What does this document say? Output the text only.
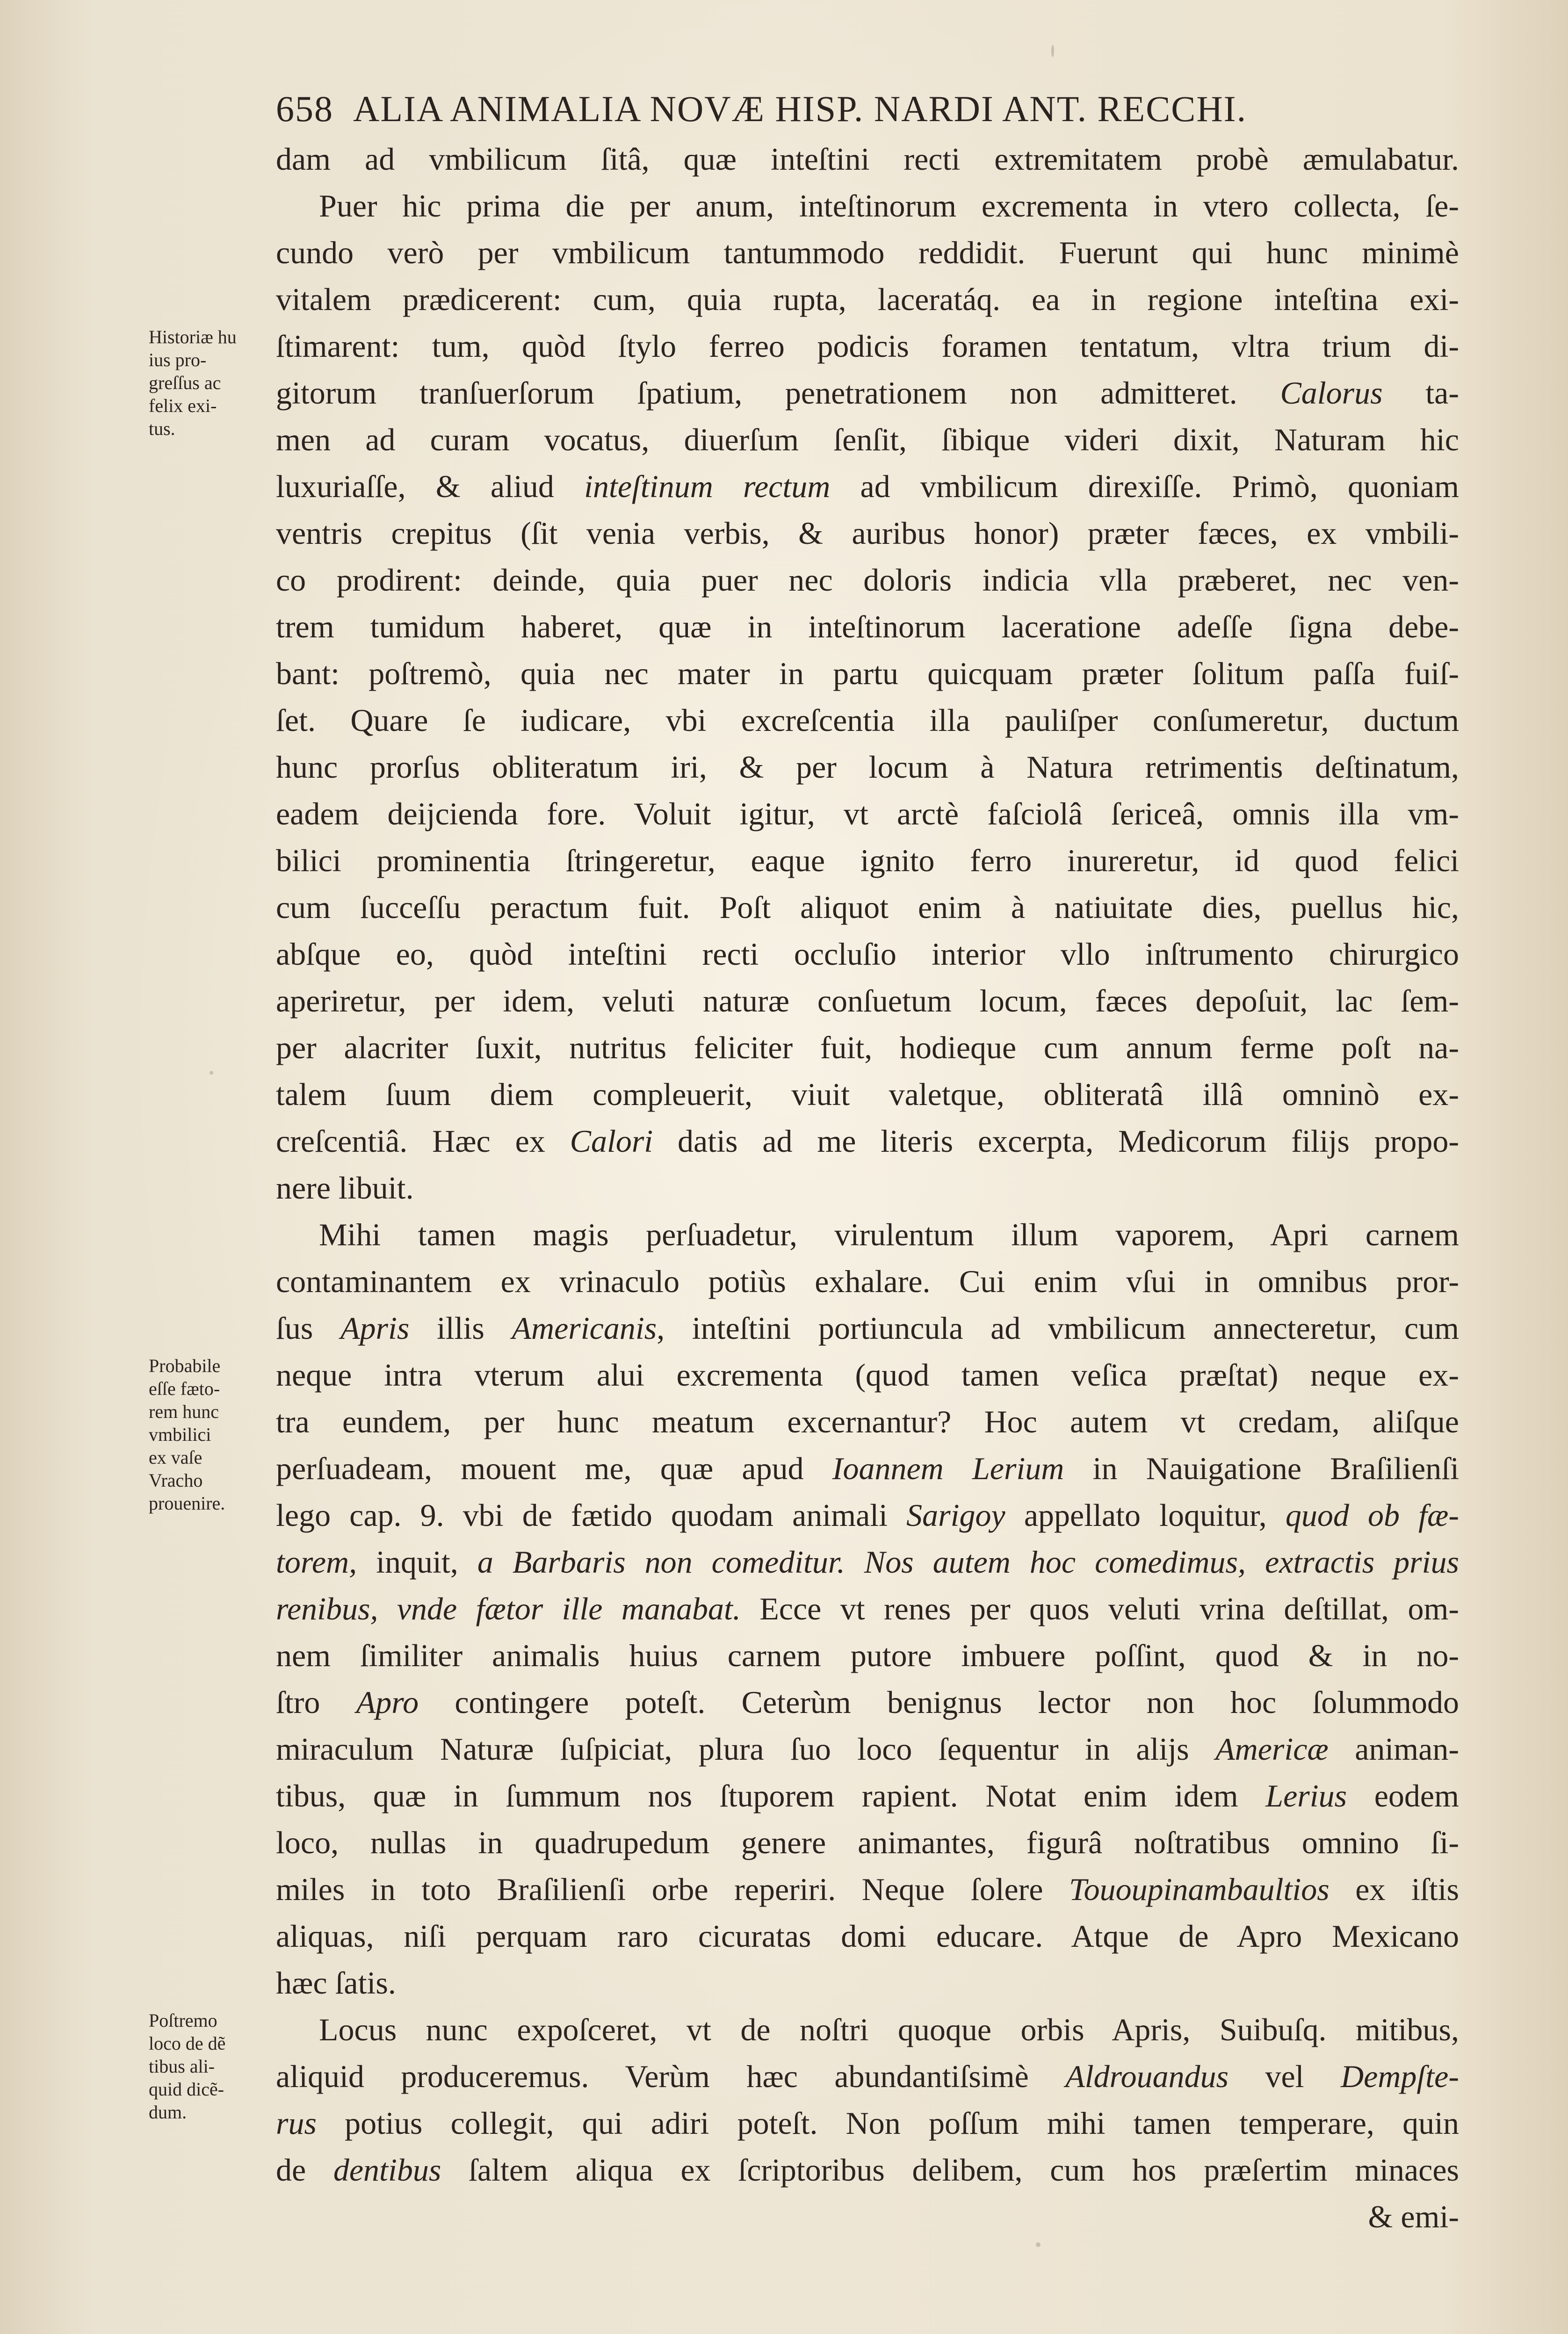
658 ALIA ANIMALIA NOVÆ HISP. NARDI ANT. RECCHI.
dam ad vmbilicum ſitâ, quæ inteſtini recti extremitatem probè æmulabatur.
Puer hic prima die per anum, inteſtinorum excrementa in vtero collecta, ſe-
cundo verò per vmbilicum tantummodo reddidit. Fuerunt qui hunc minimè
vitalem prædicerent: cum, quia rupta, laceratáq. ea in regione inteſtina exi-
ſtimarent: tum, quòd ſtylo ferreo podicis foramen tentatum, vltra trium di-
gitorum tranſuerſorum ſpatium, penetrationem non admitteret. Calorus ta-
men ad curam vocatus, diuerſum ſenſit, ſibique videri dixit, Naturam hic
luxuriaſſe, & aliud inteſtinum rectum ad vmbilicum direxiſſe. Primò, quoniam
ventris crepitus (ſit venia verbis, & auribus honor) præter fæces, ex vmbili-
co prodirent: deinde, quia puer nec doloris indicia vlla præberet, nec ven-
trem tumidum haberet, quæ in inteſtinorum laceratione adeſſe ſigna debe-
bant: poſtremò, quia nec mater in partu quicquam præter ſolitum paſſa fuiſ-
ſet. Quare ſe iudicare, vbi excreſcentia illa pauliſper conſumeretur, ductum
hunc prorſus obliteratum iri, & per locum à Natura retrimentis deſtinatum,
eadem deijcienda fore. Voluit igitur, vt arctè faſciolâ ſericeâ, omnis illa vm-
bilici prominentia ſtringeretur, eaque ignito ferro inureretur, id quod felici
cum ſucceſſu peractum fuit. Poſt aliquot enim à natiuitate dies, puellus hic,
abſque eo, quòd inteſtini recti occluſio interior vllo inſtrumento chirurgico
aperiretur, per idem, veluti naturæ conſuetum locum, fæces depoſuit, lac ſem-
per alacriter ſuxit, nutritus feliciter fuit, hodieque cum annum ferme poſt na-
talem ſuum diem compleuerit, viuit valetque, obliteratâ illâ omninò ex-
creſcentiâ. Hæc ex Calori datis ad me literis excerpta, Medicorum filijs propo-
nere libuit.
Mihi tamen magis perſuadetur, virulentum illum vaporem, Apri carnem
contaminantem ex vrinaculo potiùs exhalare. Cui enim vſui in omnibus pror-
ſus Apris illis Americanis, inteſtini portiuncula ad vmbilicum annecteretur, cum
neque intra vterum alui excrementa (quod tamen veſica præſtat) neque ex-
tra eundem, per hunc meatum excernantur? Hoc autem vt credam, aliſque
perſuadeam, mouent me, quæ apud Ioannem Lerium in Nauigatione Braſilienſi
lego cap. 9. vbi de fætido quodam animali Sarigoy appellato loquitur, quod ob fæ-
torem, inquit, a Barbaris non comeditur. Nos autem hoc comedimus, extractis prius
renibus, vnde fætor ille manabat. Ecce vt renes per quos veluti vrina deſtillat, om-
nem ſimiliter animalis huius carnem putore imbuere poſſint, quod & in no-
ſtro Apro contingere poteſt. Ceterùm benignus lector non hoc ſolummodo
miraculum Naturæ ſuſpiciat, plura ſuo loco ſequentur in alijs Americæ animan-
tibus, quæ in ſummum nos ſtuporem rapient. Notat enim idem Lerius eodem
loco, nullas in quadrupedum genere animantes, figurâ noſtratibus omnino ſi-
miles in toto Braſilienſi orbe reperiri. Neque ſolere Tououpinambaultios ex iſtis
aliquas, niſi perquam raro cicuratas domi educare. Atque de Apro Mexicano
hæc ſatis.
Locus nunc expoſceret, vt de noſtri quoque orbis Apris, Suibuſq. mitibus,
aliquid produceremus. Verùm hæc abundantiſsimè Aldrouandus vel Dempſte-
rus potius collegit, qui adiri poteſt. Non poſſum mihi tamen temperare, quin
de dentibus ſaltem aliqua ex ſcriptoribus delibem, cum hos præſertim minaces
& emi-
Historiæ hu
ius pro-
greſſus ac
felix exi-
tus.
Probabile
eſſe fæto-
rem hunc
vmbilici
ex vaſe
Vracho
prouenire.
Poſtremo
loco de dẽ
tibus ali-
quid dicẽ-
dum.
